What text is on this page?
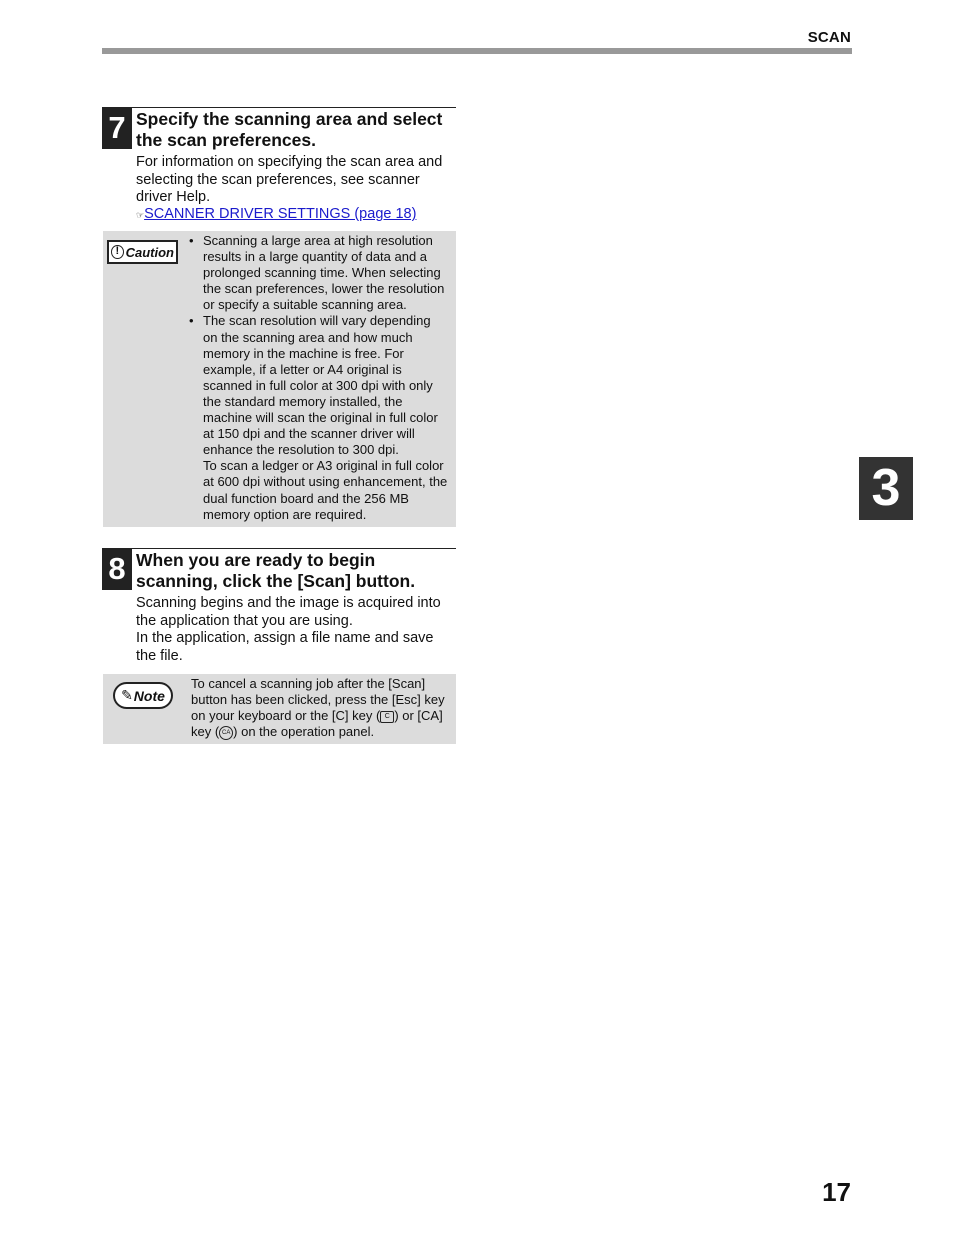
SCAN
7 Specify the scanning area and select the scan preferences.

For information on specifying the scan area and selecting the scan preferences, see scanner driver Help.

☞SCANNER DRIVER SETTINGS (page 18)
! Caution
• Scanning a large area at high resolution results in a large quantity of data and a prolonged scanning time. When selecting the scan preferences, lower the resolution or specify a suitable scanning area.
• The scan resolution will vary depending on the scanning area and how much memory in the machine is free. For example, if a letter or A4 original is scanned in full color at 300 dpi with only the standard memory installed, the machine will scan the original in full color at 150 dpi and the scanner driver will enhance the resolution to 300 dpi.
To scan a ledger or A3 original in full color at 600 dpi without using enhancement, the dual function board and the 256 MB memory option are required.
8 When you are ready to begin scanning, click the [Scan] button.

Scanning begins and the image is acquired into the application that you are using.

In the application, assign a file name and save the file.

✎ Note

To cancel a scanning job after the [Scan] button has been clicked, press the [Esc] key on your keyboard or the [C] key ( C ) or [CA] key ( CA ) on the operation panel.

3
17
